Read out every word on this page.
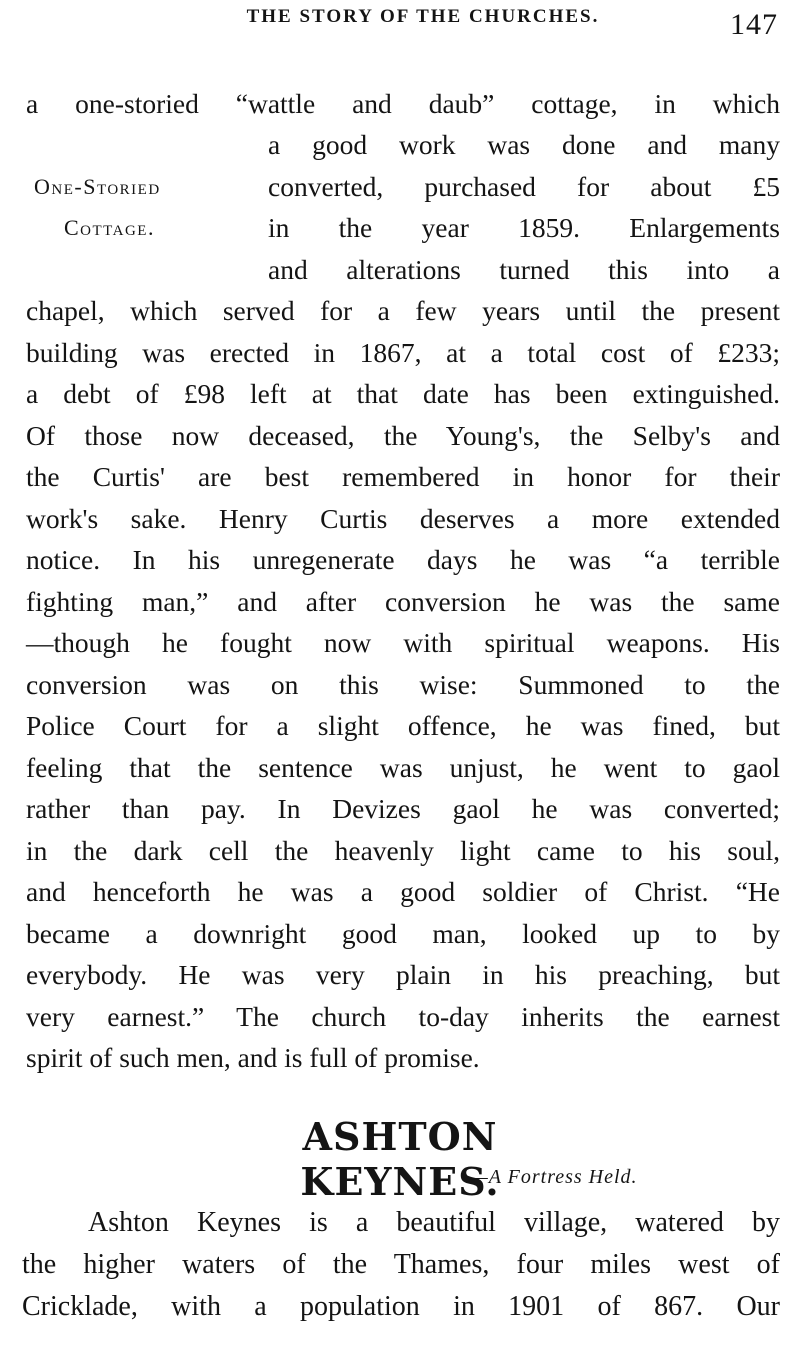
THE STORY OF THE CHURCHES.	147
One-Storied
Cottage.
a one-storied “wattle and daub” cottage, in which
a good work was done and many
converted, purchased for about £5
in the year 1859. Enlargements
and alterations turned this into a
chapel, which served for a few years until the present
building was erected in 1867, at a total cost of £233;
a debt of £98 left at that date has been extinguished.
Of those now deceased, the Young's, the Selby's and
the Curtis' are best remembered in honor for their
work's sake. Henry Curtis deserves a more extended
notice. In his unregenerate days he was “a terrible
fighting man,” and after conversion he was the same
—though he fought now with spiritual weapons. His
conversion was on this wise: Summoned to the
Police Court for a slight offence, he was fined, but
feeling that the sentence was unjust, he went to gaol
rather than pay. In Devizes gaol he was converted;
in the dark cell the heavenly light came to his soul,
and henceforth he was a good soldier of Christ. “He
became a downright good man, looked up to by
everybody. He was very plain in his preaching, but
very earnest.” The church to-day inherits the earnest
spirit of such men, and is full of promise.
ASHTON KEYNES.
—A Fortress Held.
Ashton Keynes is a beautiful village, watered by
the higher waters of the Thames, four miles west of
Cricklade, with a population in 1901 of 867. Our
